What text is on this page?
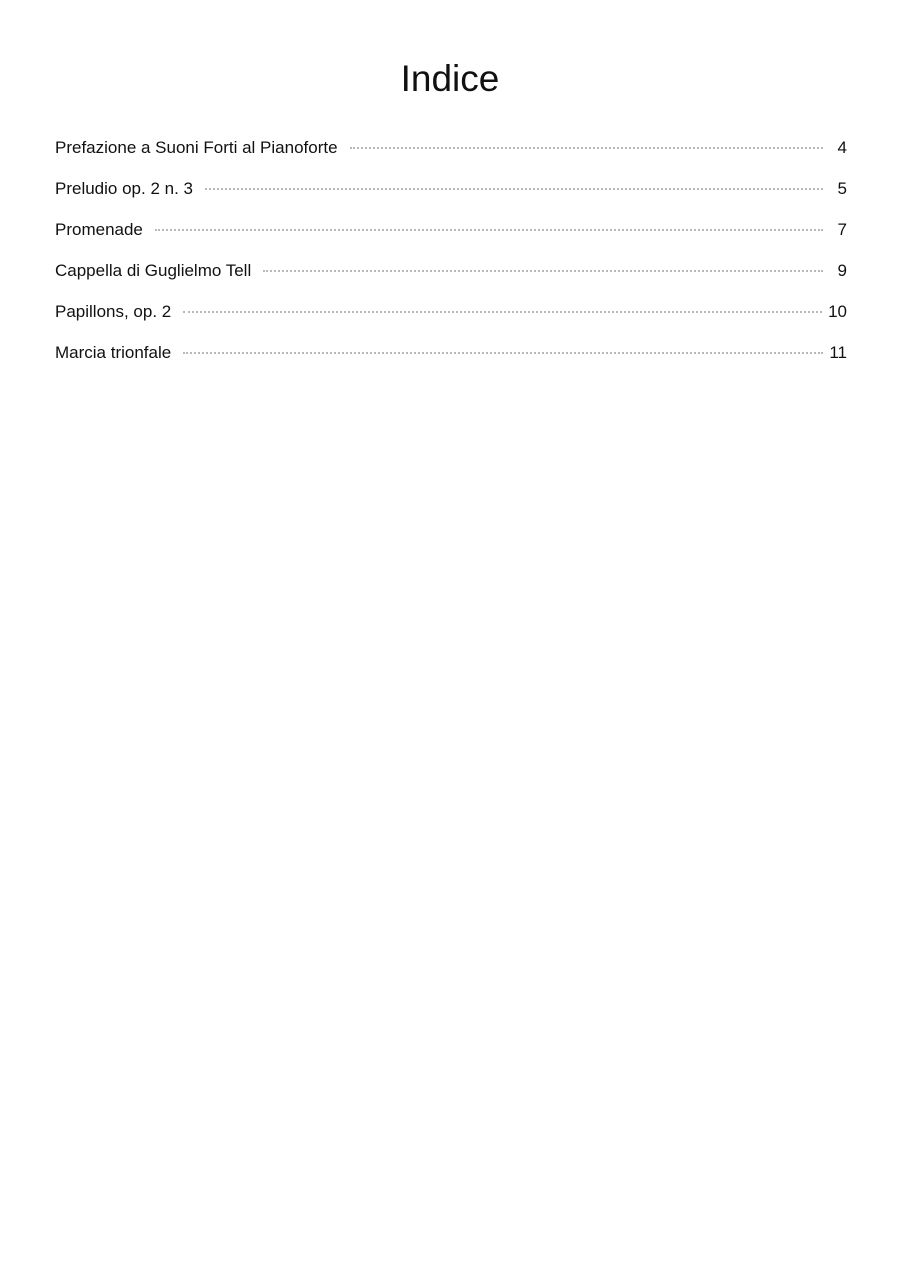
Indice
Prefazione a Suoni Forti al Pianoforte	4
Preludio op. 2 n. 3	5
Promenade	7
Cappella di Guglielmo Tell	9
Papillons, op. 2	10
Marcia trionfale	11
